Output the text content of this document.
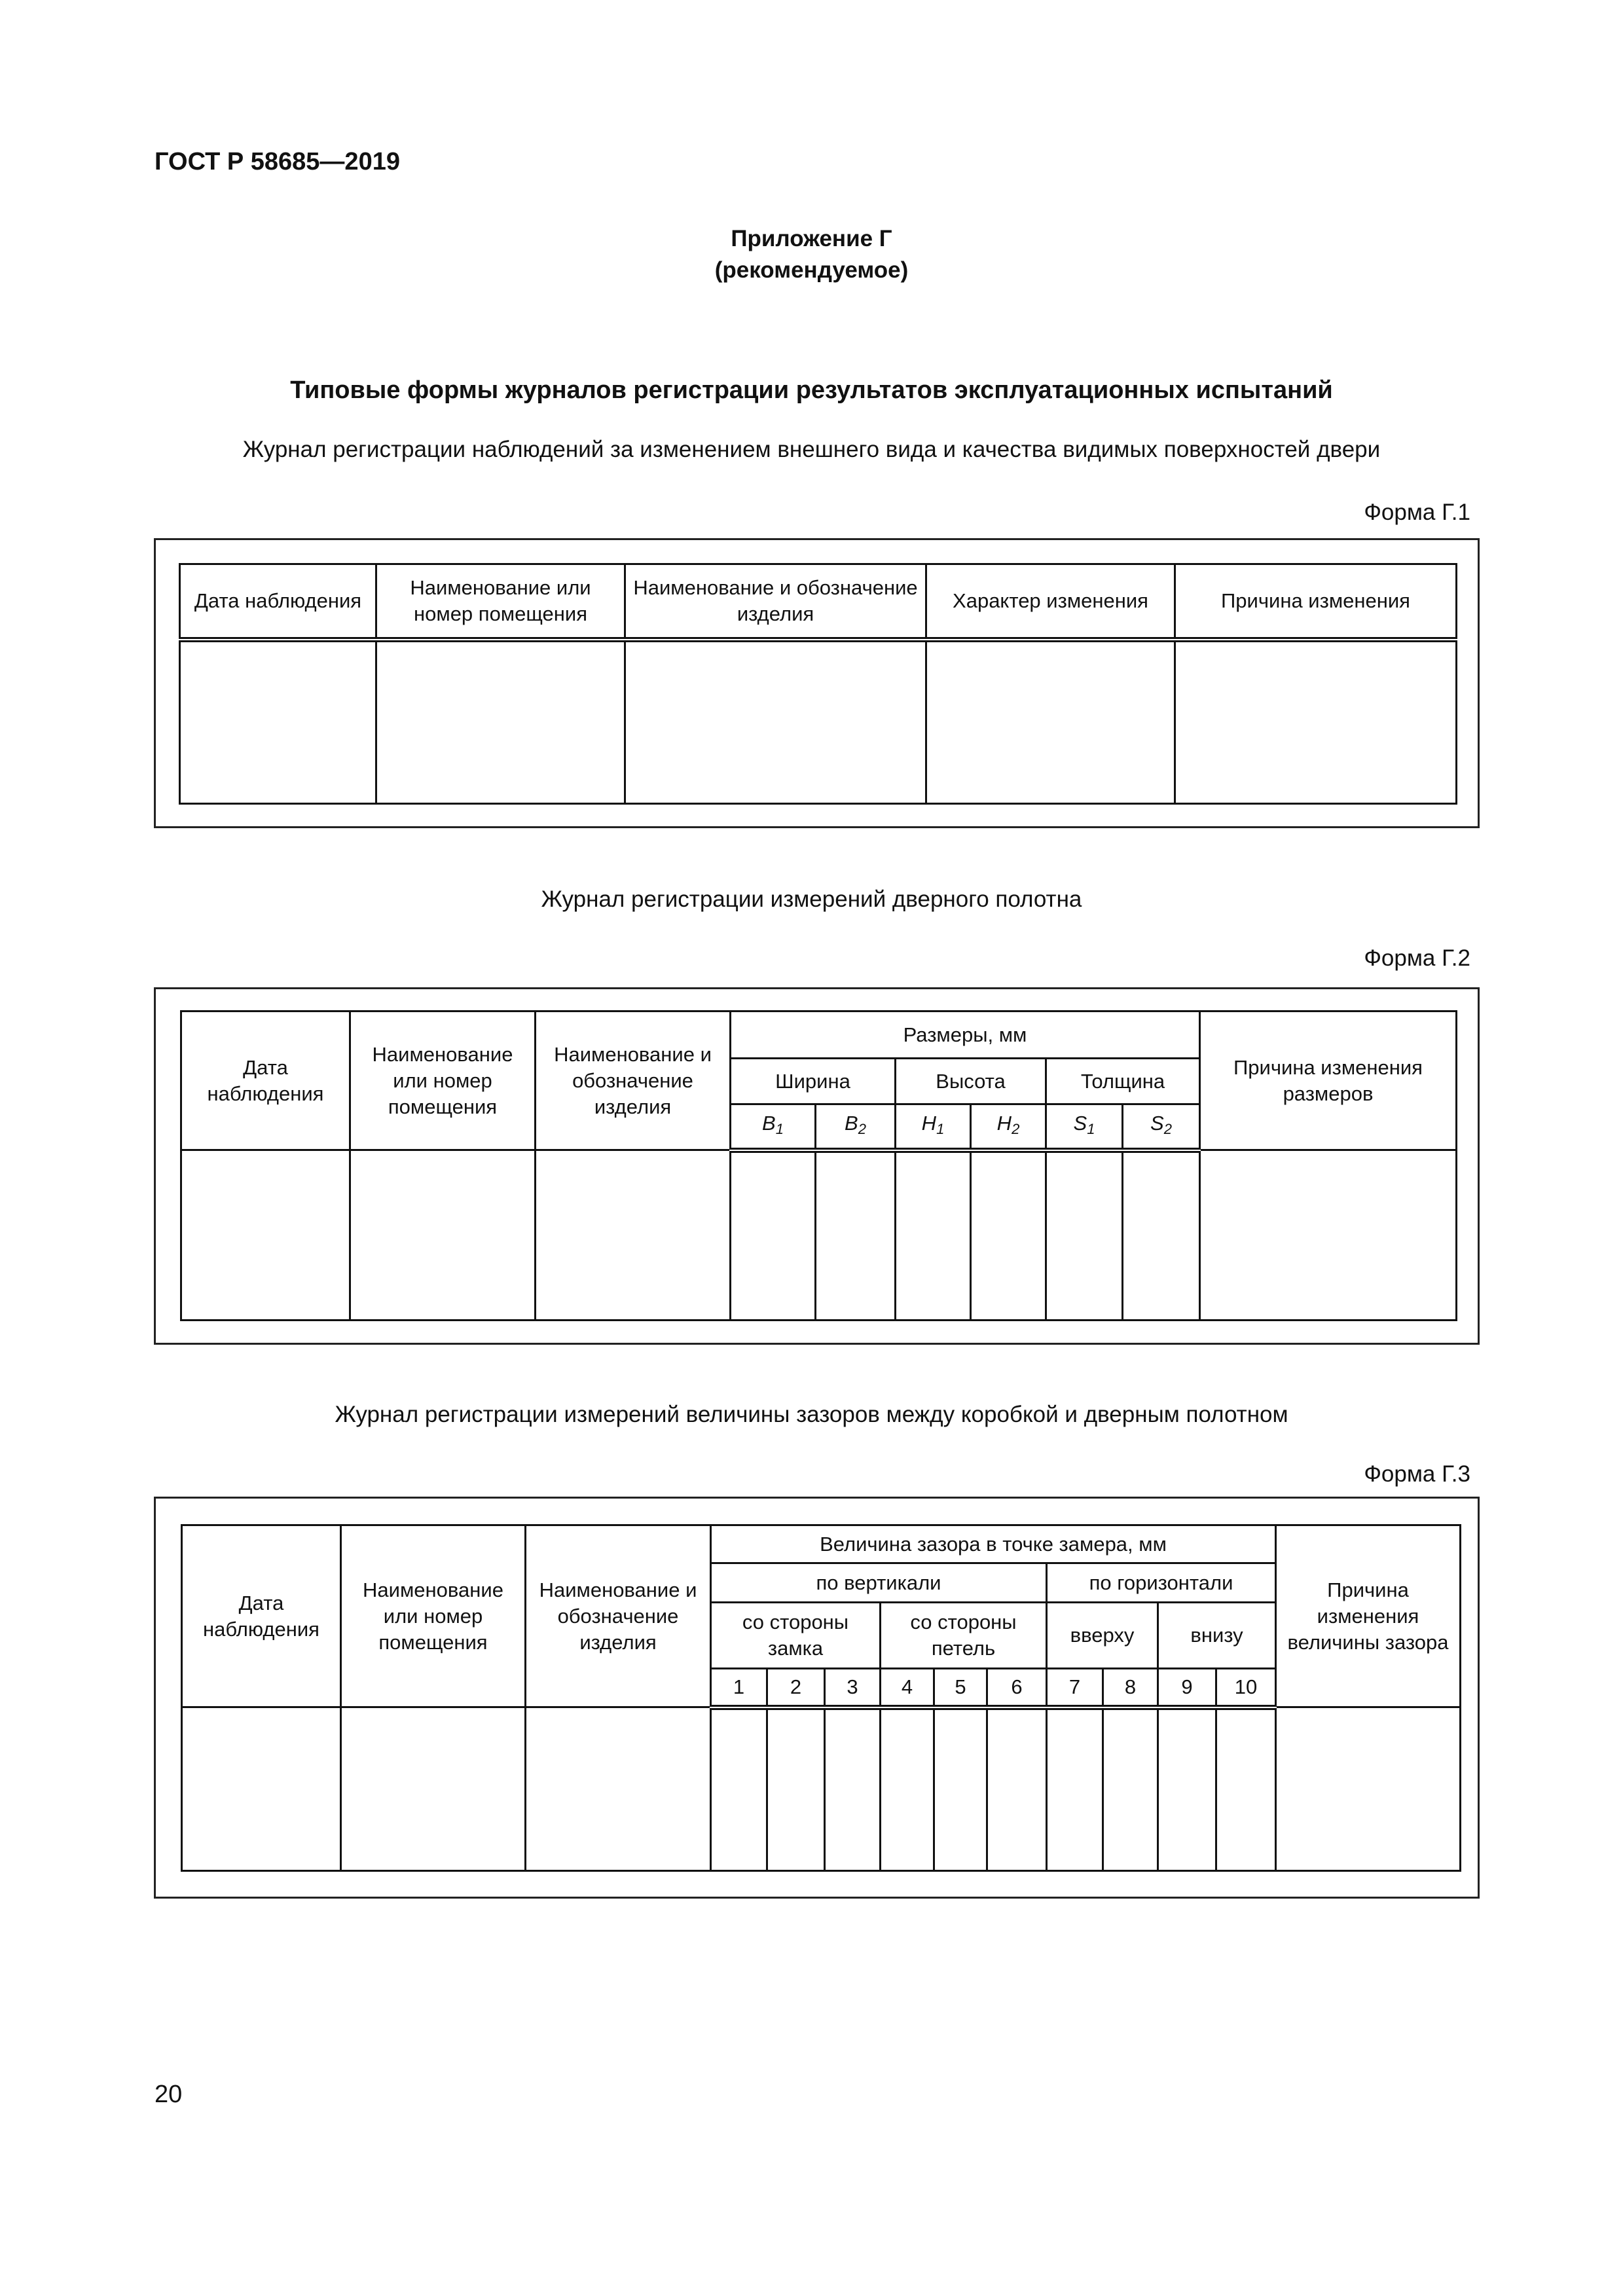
ГОСТ Р 58685—2019
Приложение Г
(рекомендуемое)
Типовые формы журналов регистрации результатов эксплуатационных испытаний
Журнал регистрации наблюдений за изменением внешнего вида и качества видимых поверхностей двери
Форма Г.1
Дата наблюдения	Наименование или номер помещения	Наименование и обозначение изделия	Характер изменения	Причина изменения

Журнал регистрации измерений дверного полотна
Форма Г.2
Дата наблюдения	Наименование или номер помещения	Наименование и обозначение изделия	Размеры, мм						Причина изменения размеров
			Ширина		Высота		Толщина		
			$B_1$	$B_2$	$H_1$	$H_2$	$S_1$	$S_2$

Журнал регистрации измерений величины зазоров между коробкой и дверным полотном
Форма Г.3
Дата наблюдения	Наименование или номер помещения	Наименование и обозначение изделия	Величина зазора в точке замера, мм										Причина изменения величины зазора
			по вертикали						по горизонтали				
			со стороны замка			со стороны петель			вверху		внизу		
			1	2	3	4	5	6	7	8	9	10	

20
